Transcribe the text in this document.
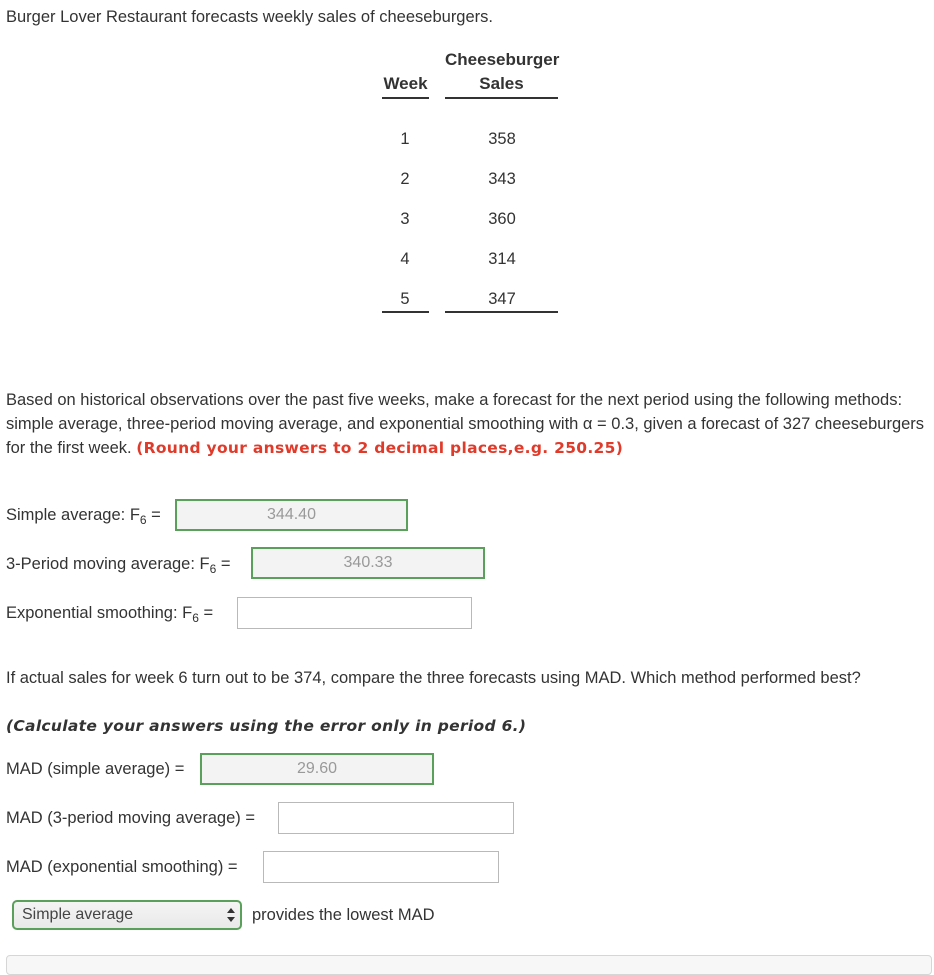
Burger Lover Restaurant forecasts weekly sales of cheeseburgers.
Week
Cheeseburger
Sales
1	358
2	343
3	360
4	314
5	347
Based on historical observations over the past five weeks, make a forecast for the next period using the following methods: simple average, three-period moving average, and exponential smoothing with α = 0.3, given a forecast of 327 cheeseburgers for the first week. (Round your answers to 2 decimal places,e.g. 250.25)
Simple average: $F_6$ =	344.40
3-Period moving average: $F_6$ =	340.33
Exponential smoothing: $F_6$ =
If actual sales for week 6 turn out to be 374, compare the three forecasts using MAD. Which method performed best?
(Calculate your answers using the error only in period 6.)
MAD (simple average) =	29.60
MAD (3-period moving average) =
MAD (exponential smoothing) =
Simple average	provides the lowest MAD
